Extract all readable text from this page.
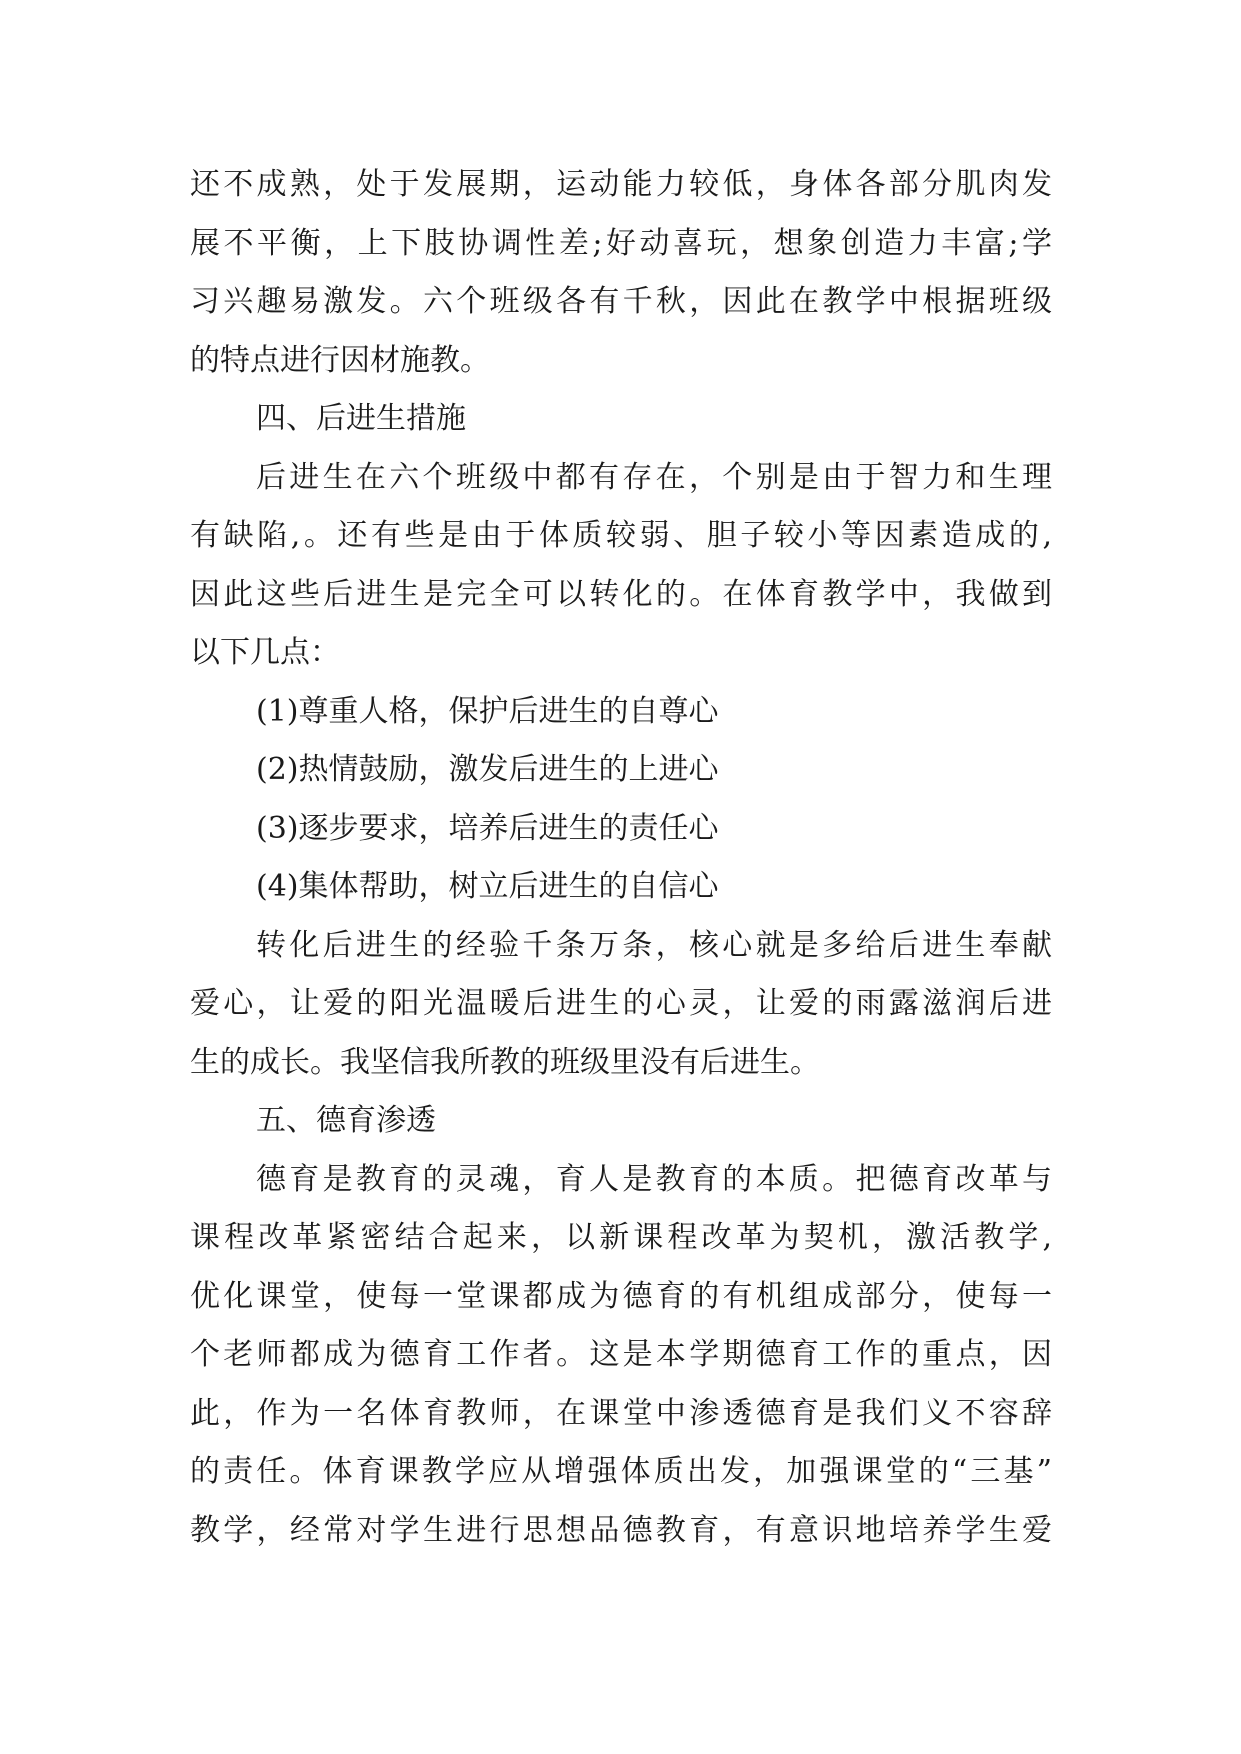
还不成熟，处于发展期，运动能力较低，身体各部分肌肉发
展不平衡，上下肢协调性差;好动喜玩，想象创造力丰富;学
习兴趣易激发。六个班级各有千秋，因此在教学中根据班级
的特点进行因材施教。
四、后进生措施
后进生在六个班级中都有存在，个别是由于智力和生理
有缺陷,。还有些是由于体质较弱、胆子较小等因素造成的,
因此这些后进生是完全可以转化的。在体育教学中，我做到
以下几点：
(1)尊重人格，保护后进生的自尊心
(2)热情鼓励，激发后进生的上进心
(3)逐步要求，培养后进生的责任心
(4)集体帮助，树立后进生的自信心
转化后进生的经验千条万条，核心就是多给后进生奉献
爱心，让爱的阳光温暖后进生的心灵，让爱的雨露滋润后进
生的成长。我坚信我所教的班级里没有后进生。
五、德育渗透
德育是教育的灵魂，育人是教育的本质。把德育改革与
课程改革紧密结合起来，以新课程改革为契机，激活教学,
优化课堂，使每一堂课都成为德育的有机组成部分，使每一
个老师都成为德育工作者。这是本学期德育工作的重点，因
此，作为一名体育教师，在课堂中渗透德育是我们义不容辞
的责任。体育课教学应从增强体质出发，加强课堂的“三基”
教学，经常对学生进行思想品德教育，有意识地培养学生爱
